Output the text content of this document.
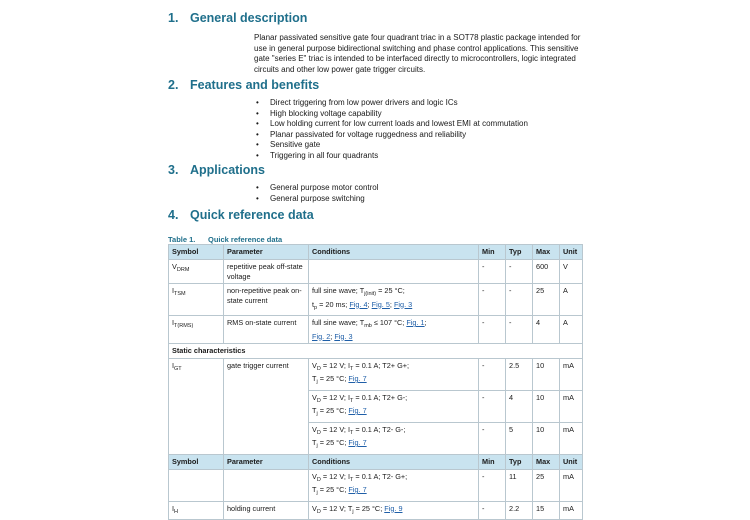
1. General description

Planar passivated sensitive gate four quadrant triac in a SOT78 plastic package intended for use in general purpose bidirectional switching and phase control applications. This sensitive gate "series E" triac is intended to be interfaced directly to microcontrollers, logic integrated circuits and other low power gate trigger circuits.

2. Features and benefits
• Direct triggering from low power drivers and logic ICs
• High blocking voltage capability
• Low holding current for low current loads and lowest EMI at commutation
• Planar passivated for voltage ruggedness and reliability
• Sensitive gate
• Triggering in all four quadrants
3. Applications
• General purpose motor control
• General purpose switching
4. Quick reference data
Table 1. Quick reference data
Symbol	Parameter	Conditions		Min	Typ	Max	Unit
$V_{DRM}$	repetitive peak off-state voltage			-	-	600	V
$I_{TSM}$	non-repetitive peak on-state current	full sine wave; $T_{j(init)} = 25$ °C;
$t_p = 20$ ms; Fig. 4; Fig. 5; Fig. 3		-	-	25	A
$I_{T(RMS)}$	RMS on-state current	full sine wave; $T_{mb} \le 107$ °C; Fig. 1;
Fig. 2; Fig. 3		-	-	4	A
Static characteristics							
$I_{GT}$	gate trigger current	$V_D = 12$ V; $I_T = 0.1$ A; T2+ G+;
$T_j = 25$ °C; Fig. 7		-	2.5	10	mA
		$V_D = 12$ V; $I_T = 0.1$ A; T2+ G-;
$T_j = 25$ °C; Fig. 7		-	4	10	mA
		$V_D = 12$ V; $I_T = 0.1$ A; T2- G-;
$T_j = 25$ °C; Fig. 7		-	5	10	mA
Symbol	Parameter	Conditions		Min	Typ	Max	Unit
		$V_D = 12$ V; $I_T = 0.1$ A; T2- G+;
$T_j = 25$ °C; Fig. 7		-	11	25	mA
$I_H$	holding current	$V_D = 12$ V; $T_j = 25$ °C; Fig. 9		-	2.2	15	mA
